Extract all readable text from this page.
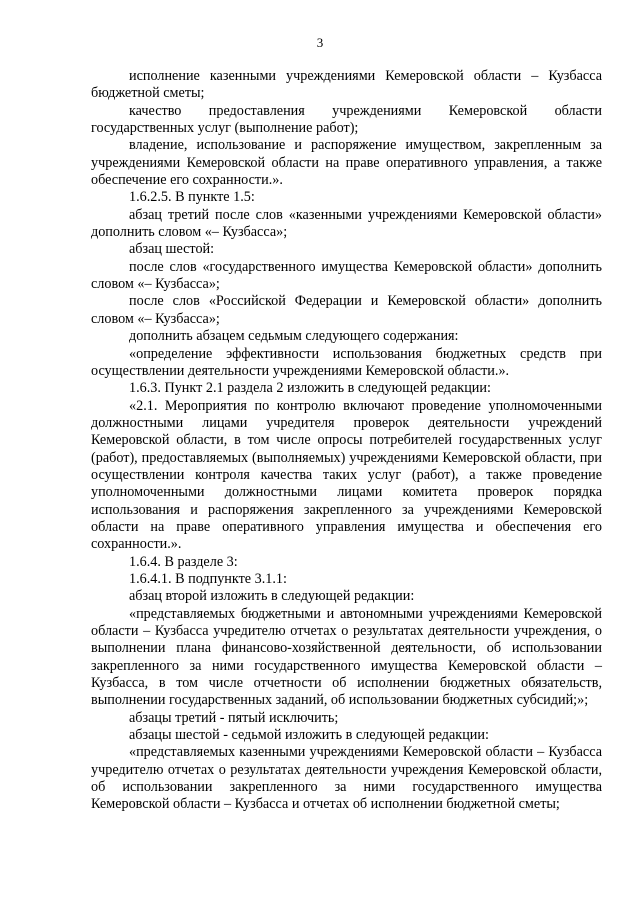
3

исполнение казенными учреждениями Кемеровской области – Кузбасса бюджетной сметы;

качество предоставления учреждениями Кемеровской области государственных услуг (выполнение работ);

владение, использование и распоряжение имуществом, закрепленным за учреждениями Кемеровской области на праве оперативного управления, а также обеспечение его сохранности.».

1.6.2.5. В пункте 1.5:

абзац третий после слов «казенными учреждениями Кемеровской области» дополнить словом «– Кузбасса»;

абзац шестой:

после слов «государственного имущества Кемеровской области» дополнить словом «– Кузбасса»;

после слов «Российской Федерации и Кемеровской области» дополнить словом «– Кузбасса»;

дополнить абзацем седьмым следующего содержания:

«определение эффективности использования бюджетных средств при осуществлении деятельности учреждениями Кемеровской области.».

1.6.3. Пункт 2.1 раздела 2 изложить в следующей редакции:

«2.1. Мероприятия по контролю включают проведение уполномоченными должностными лицами учредителя проверок деятельности учреждений Кемеровской области, в том числе опросы потребителей государственных услуг (работ), предоставляемых (выполняемых) учреждениями Кемеровской области, при осуществлении контроля качества таких услуг (работ), а также проведение уполномоченными должностными лицами комитета проверок порядка использования и распоряжения закрепленного за учреждениями Кемеровской области на праве оперативного управления имущества и обеспечения его сохранности.».

1.6.4. В разделе 3:

1.6.4.1. В подпункте 3.1.1:

абзац второй изложить в следующей редакции:

«представляемых бюджетными и автономными учреждениями Кемеровской области – Кузбасса учредителю отчетах о результатах деятельности учреждения, о выполнении плана финансово-хозяйственной деятельности, об использовании закрепленного за ними государственного имущества Кемеровской области – Кузбасса, в том числе отчетности об исполнении бюджетных обязательств, выполнении государственных заданий, об использовании бюджетных субсидий;»;

абзацы третий - пятый исключить;

абзацы шестой - седьмой изложить в следующей редакции:

«представляемых казенными учреждениями Кемеровской области – Кузбасса учредителю отчетах о результатах деятельности учреждения Кемеровской области, об использовании закрепленного за ними государственного имущества Кемеровской области – Кузбасса и отчетах об исполнении бюджетной сметы;
